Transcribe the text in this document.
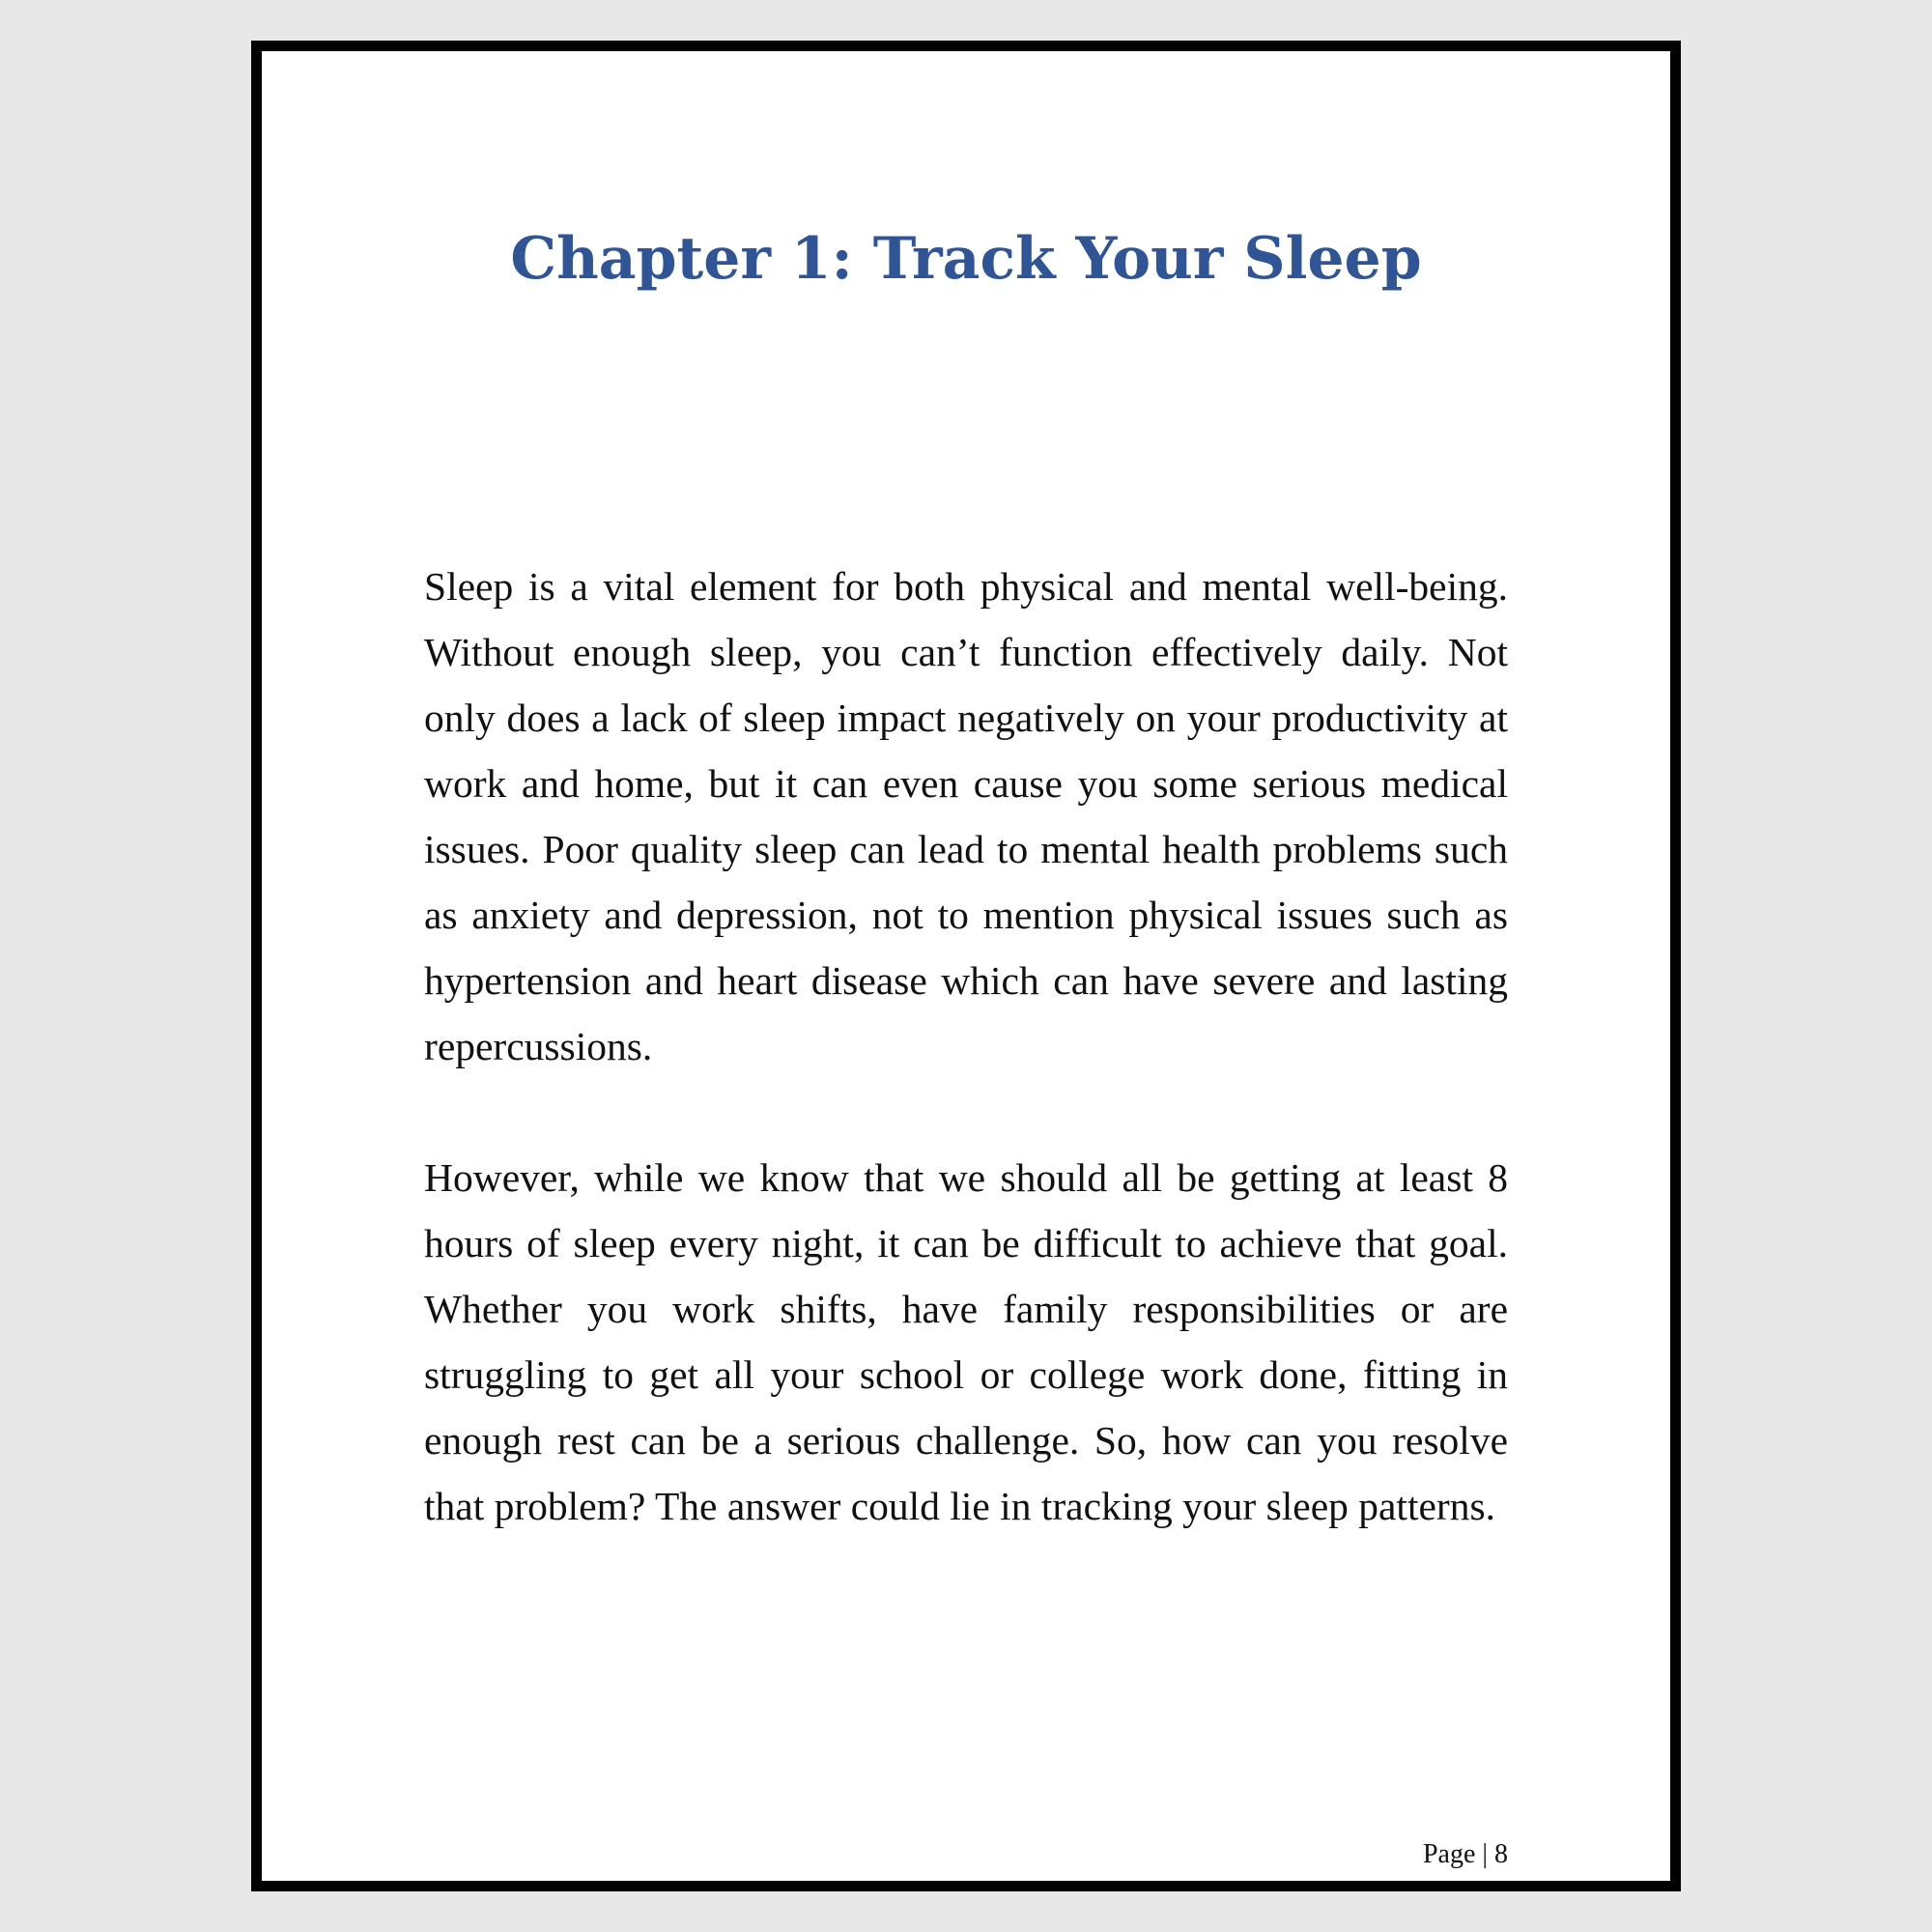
Chapter 1: Track Your Sleep

Sleep is a vital element for both physical and mental well-being. Without enough sleep, you can’t function effectively daily. Not only does a lack of sleep impact negatively on your productivity at work and home, but it can even cause you some serious medical issues. Poor quality sleep can lead to mental health problems such as anxiety and depression, not to mention physical issues such as hypertension and heart disease which can have severe and lasting repercussions.

However, while we know that we should all be getting at least 8 hours of sleep every night, it can be difficult to achieve that goal. Whether you work shifts, have family responsibilities or are struggling to get all your school or college work done, fitting in enough rest can be a serious challenge. So, how can you resolve that problem? The answer could lie in tracking your sleep patterns.

Page | 8
